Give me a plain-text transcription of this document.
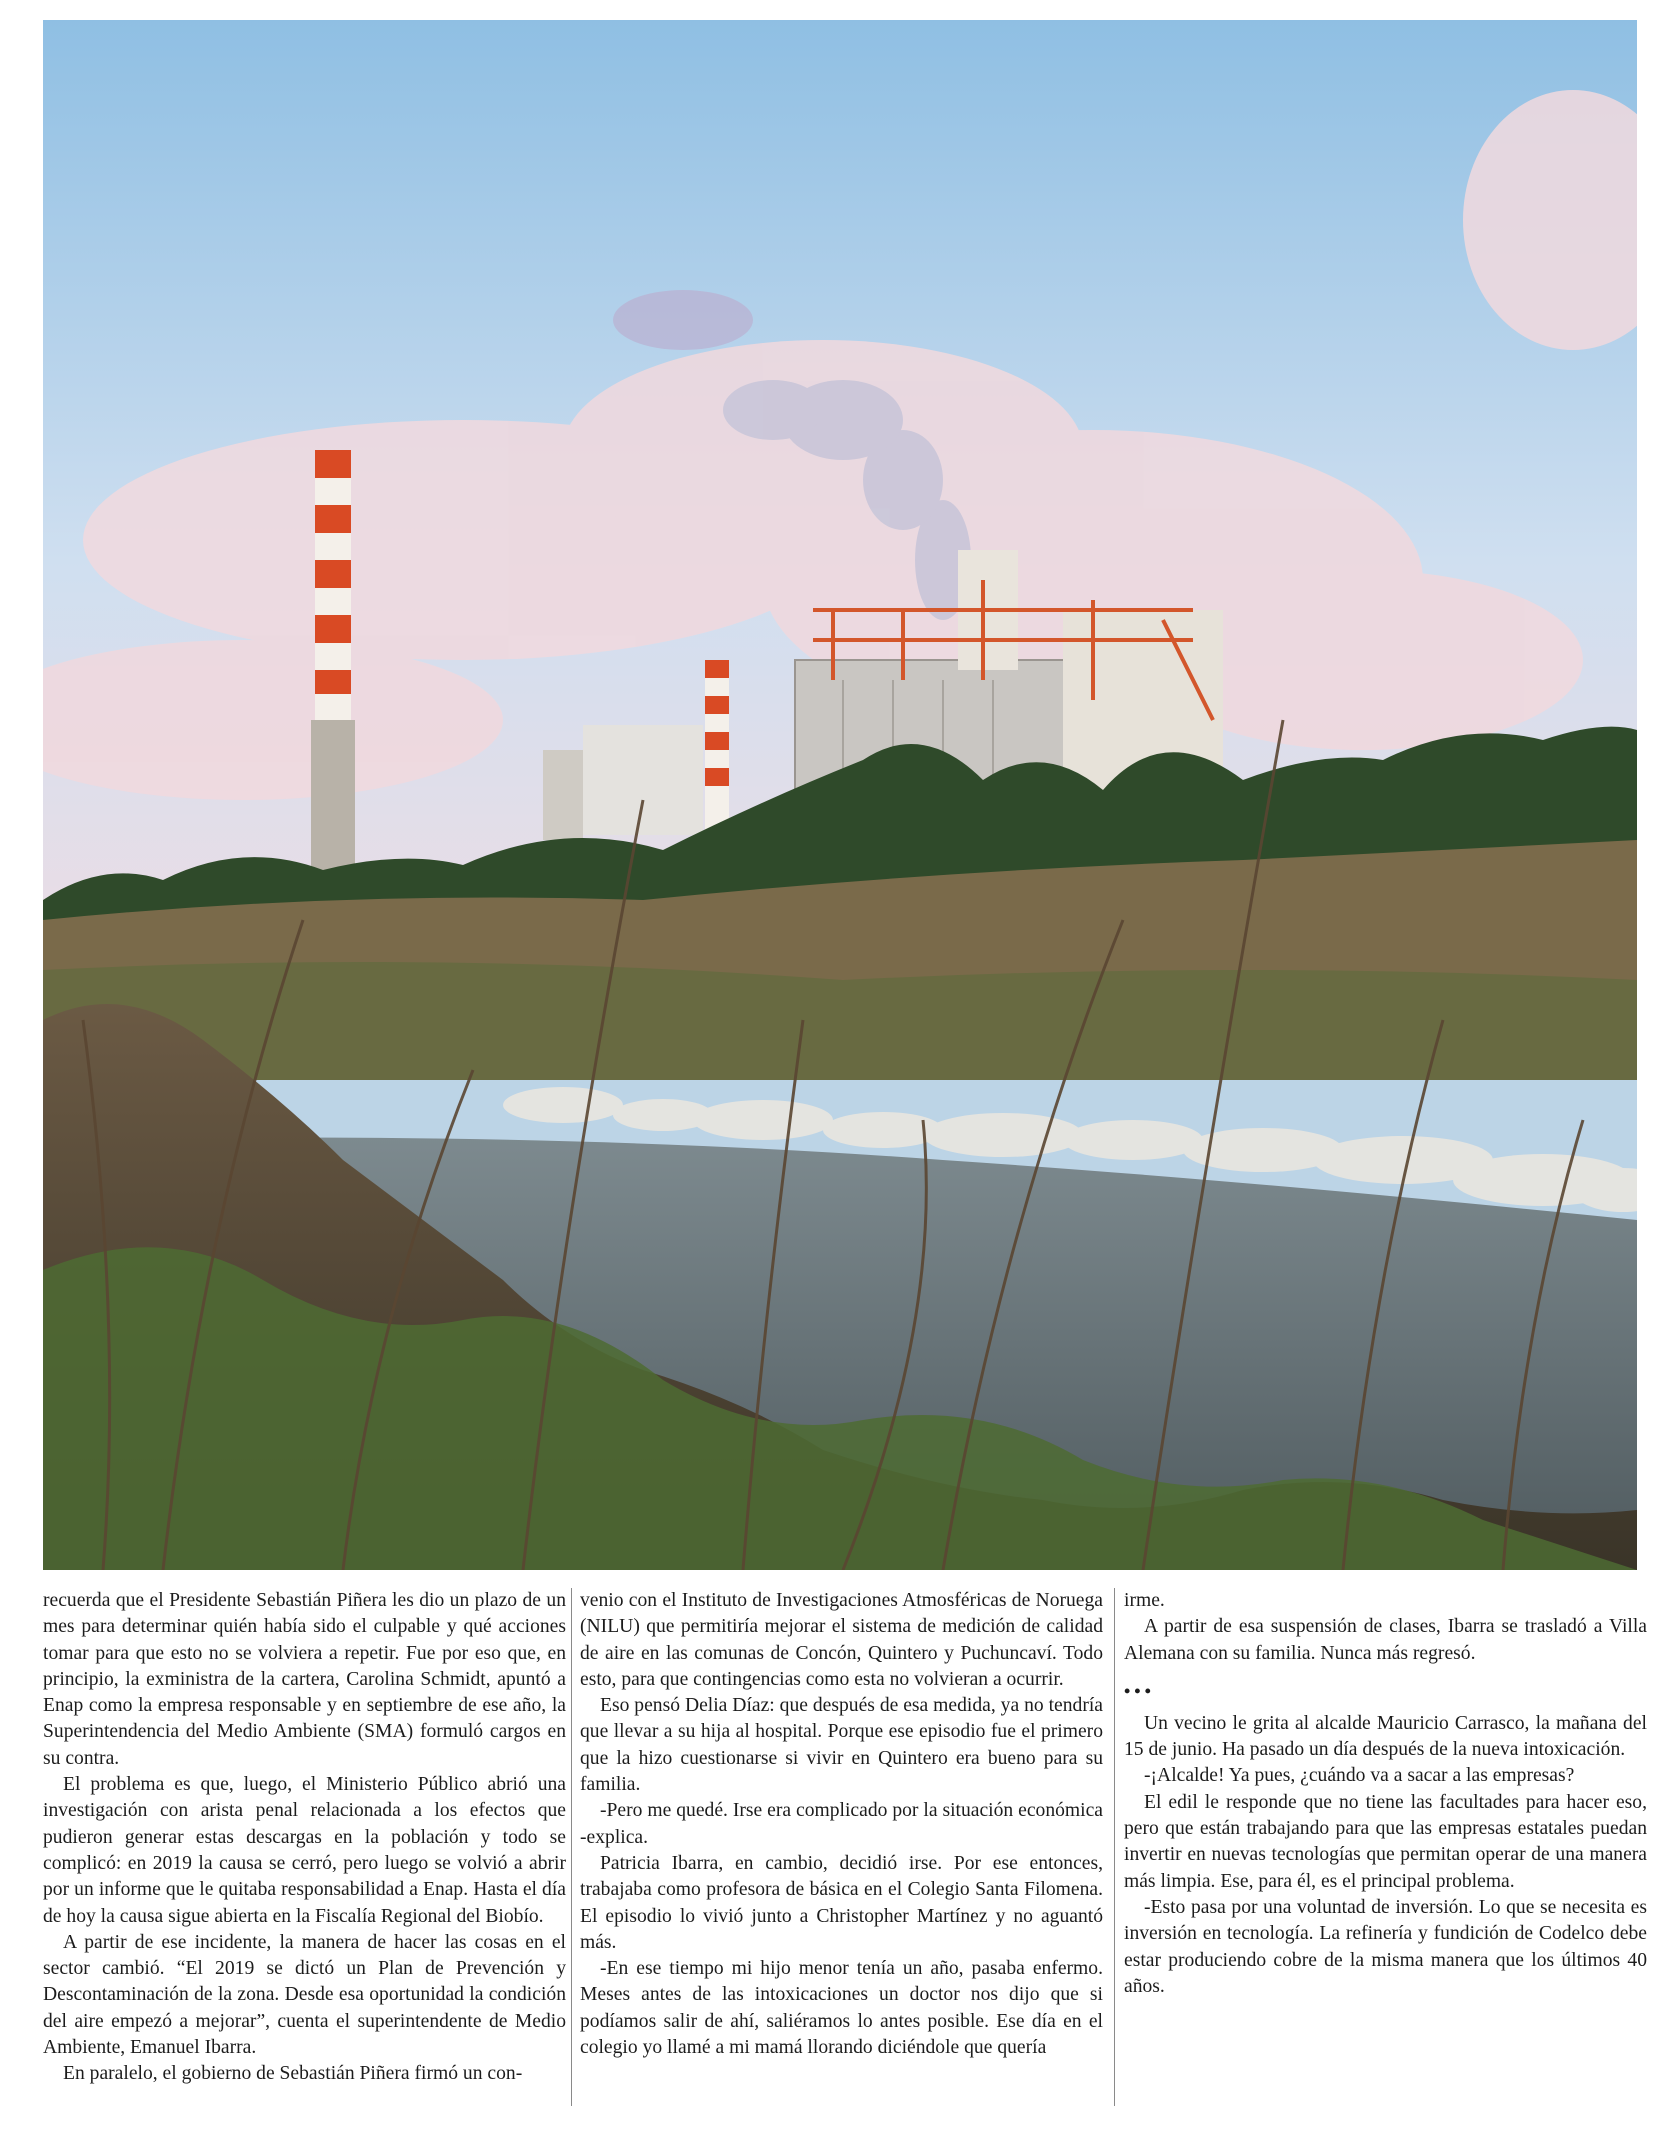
recuerda que el Presidente Sebastián Piñera les dio un plazo de un mes para determinar quién había sido el culpable y qué acciones tomar para que esto no se volviera a repetir. Fue por eso que, en principio, la exministra de la cartera, Carolina Schmidt, apuntó a Enap como la empresa responsable y en septiembre de ese año, la Superintendencia del Medio Ambiente (SMA) formuló cargos en su contra.

El problema es que, luego, el Ministerio Público abrió una investigación con arista penal relacionada a los efectos que pudieron generar estas descargas en la población y todo se complicó: en 2019 la causa se cerró, pero luego se volvió a abrir por un informe que le quitaba responsabilidad a Enap. Hasta el día de hoy la causa sigue abierta en la Fiscalía Regional del Biobío.

A partir de ese incidente, la manera de hacer las cosas en el sector cambió. “El 2019 se dictó un Plan de Prevención y Descontaminación de la zona. Desde esa oportunidad la condición del aire empezó a mejorar”, cuenta el superintendente de Medio Ambiente, Emanuel Ibarra.

En paralelo, el gobierno de Sebastián Piñera firmó un con-

venio con el Instituto de Investigaciones Atmosféricas de Noruega (NILU) que permitiría mejorar el sistema de medición de calidad de aire en las comunas de Concón, Quintero y Puchuncaví. Todo esto, para que contingencias como esta no volvieran a ocurrir.

Eso pensó Delia Díaz: que después de esa medida, ya no tendría que llevar a su hija al hospital. Porque ese episodio fue el primero que la hizo cuestionarse si vivir en Quintero era bueno para su familia.

-Pero me quedé. Irse era complicado por la situación económica -explica.

Patricia Ibarra, en cambio, decidió irse. Por ese entonces, trabajaba como profesora de básica en el Colegio Santa Filomena. El episodio lo vivió junto a Christopher Martínez y no aguantó más.

-En ese tiempo mi hijo menor tenía un año, pasaba enfermo. Meses antes de las intoxicaciones un doctor nos dijo que si podíamos salir de ahí, saliéramos lo antes posible. Ese día en el colegio yo llamé a mi mamá llorando diciéndole que quería

irme.

A partir de esa suspensión de clases, Ibarra se trasladó a Villa Alemana con su familia. Nunca más regresó.

•••

Un vecino le grita al alcalde Mauricio Carrasco, la mañana del 15 de junio. Ha pasado un día después de la nueva intoxicación.

-¡Alcalde! Ya pues, ¿cuándo va a sacar a las empresas?

El edil le responde que no tiene las facultades para hacer eso, pero que están trabajando para que las empresas estatales puedan invertir en nuevas tecnologías que permitan operar de una manera más limpia. Ese, para él, es el principal problema.

-Esto pasa por una voluntad de inversión. Lo que se necesita es inversión en tecnología. La refinería y fundición de Codelco debe estar produciendo cobre de la misma manera que los últimos 40 años.
